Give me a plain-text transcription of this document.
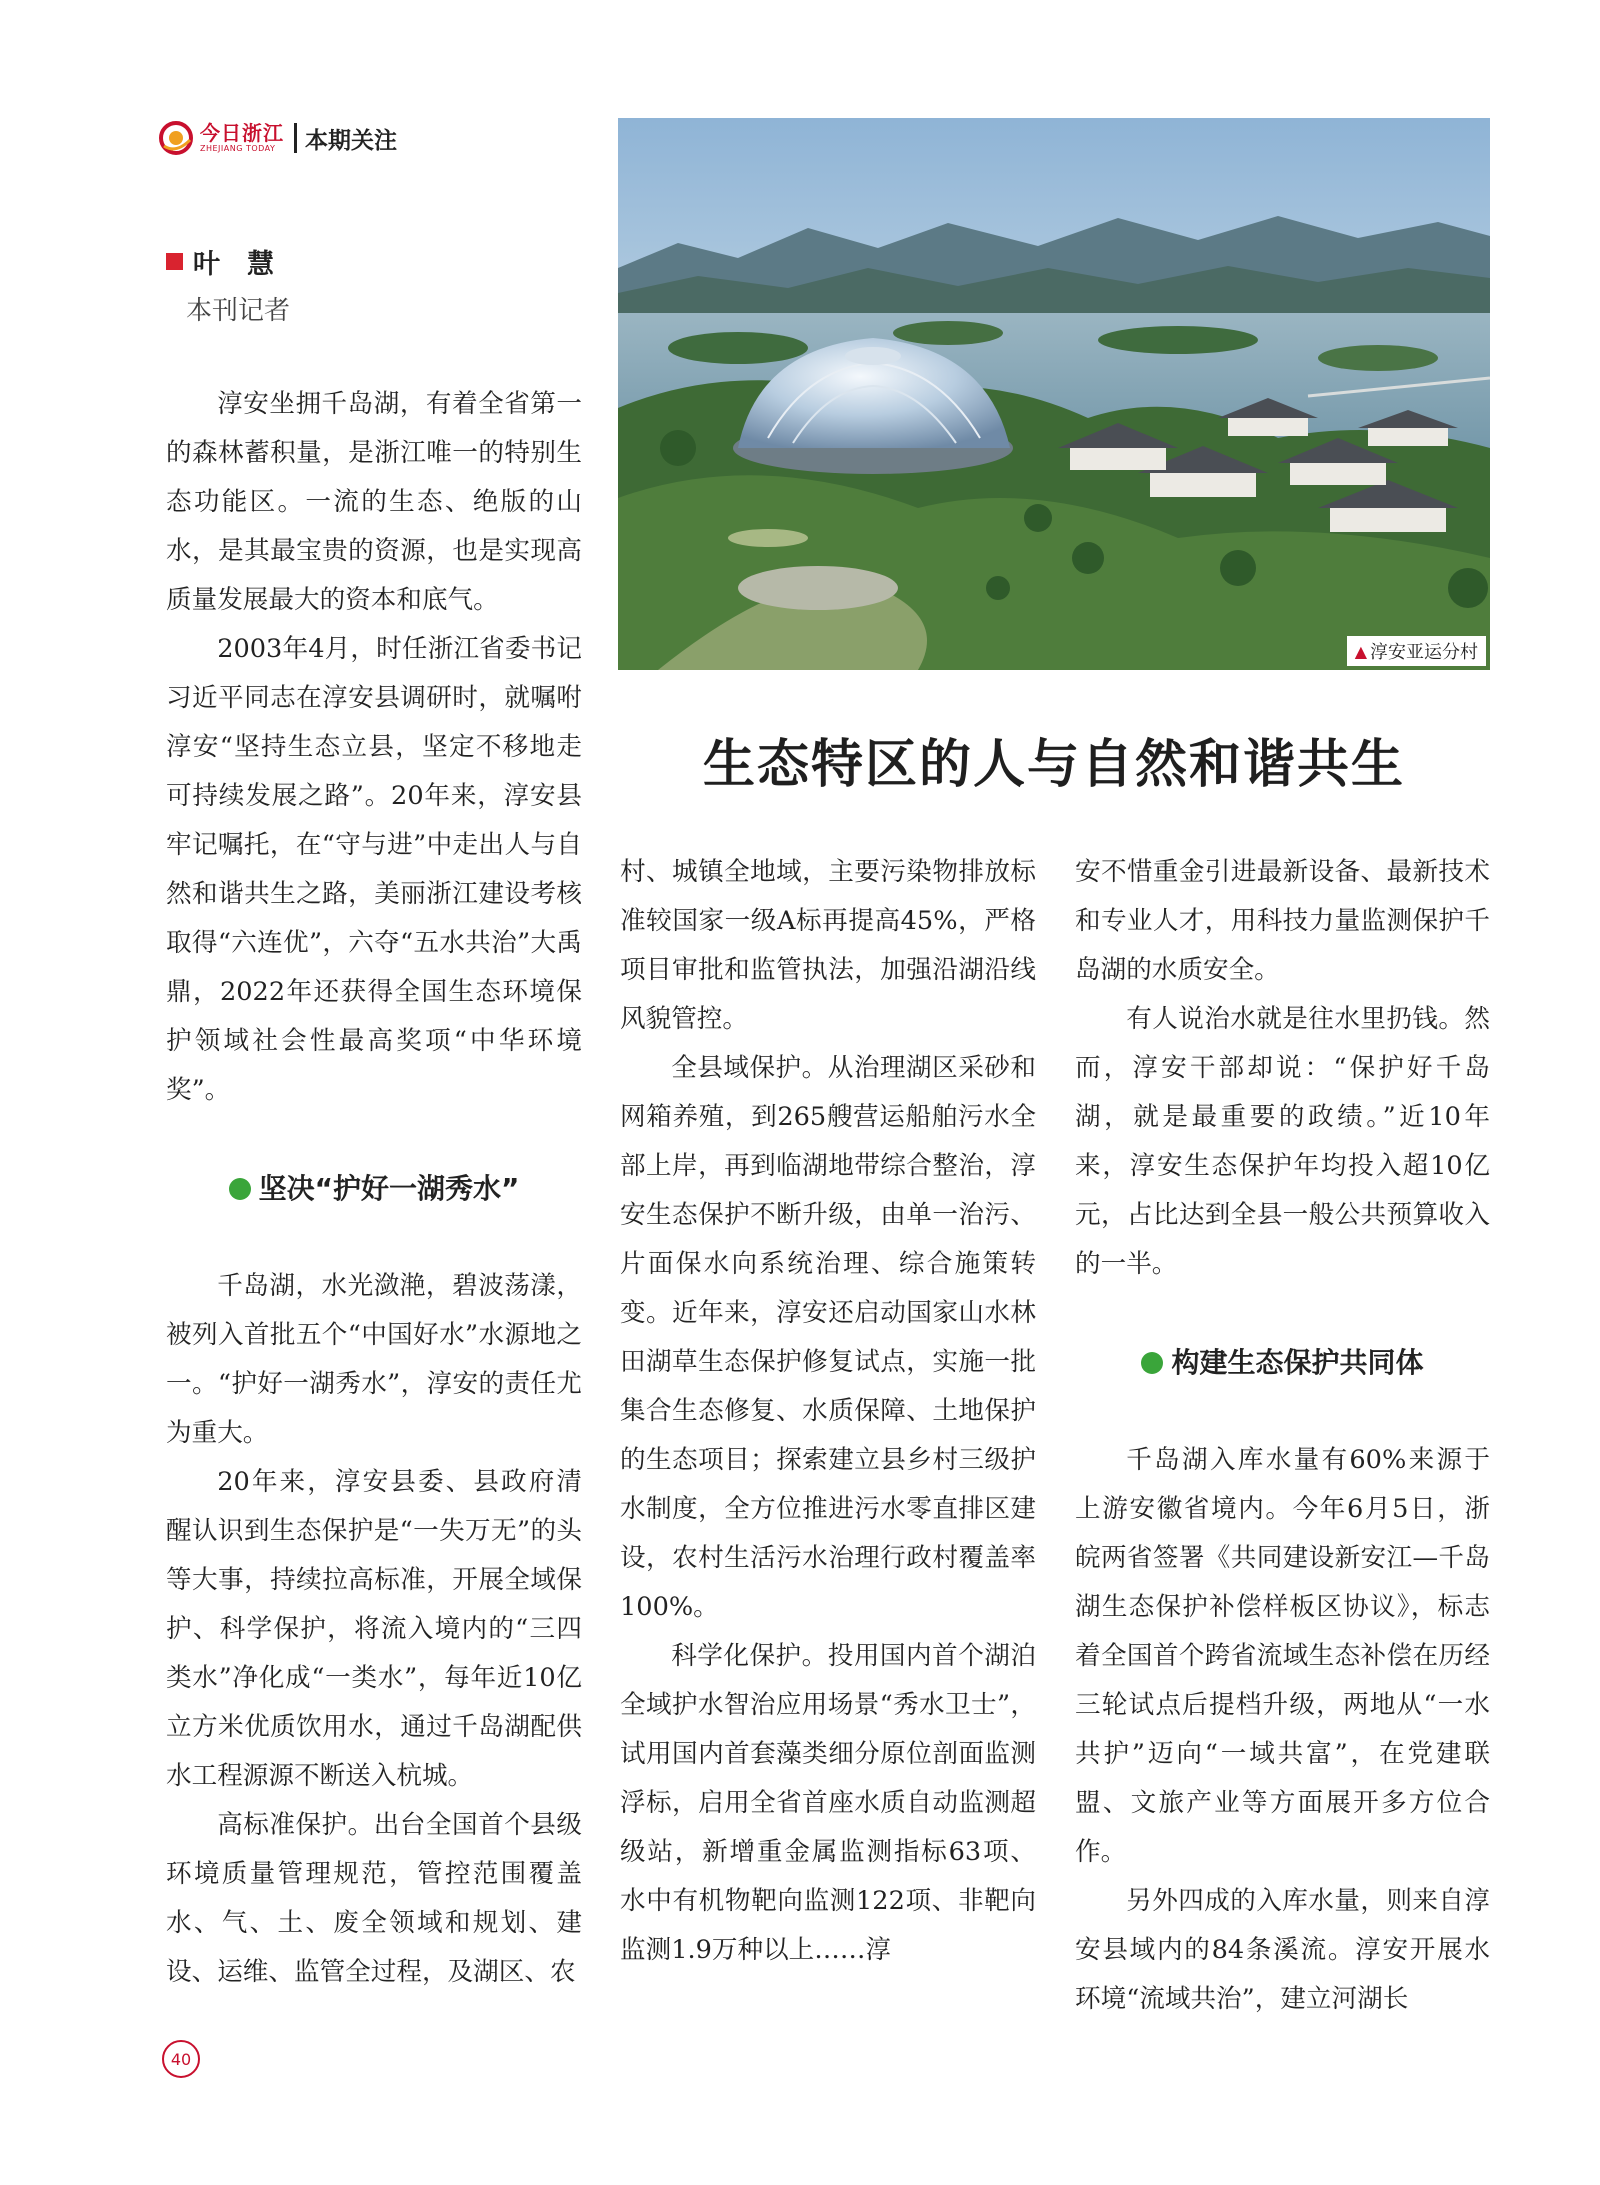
今日浙江
ZHEJIANG TODAY	本期关注
▲ 淳安亚运分村
生态特区的人与自然和谐共生
叶　慧
本刊记者

淳安坐拥千岛湖，有着全省第一的森林蓄积量，是浙江唯一的特别生态功能区。一流的生态、绝版的山水，是其最宝贵的资源，也是实现高质量发展最大的资本和底气。

2003年4月，时任浙江省委书记习近平同志在淳安县调研时，就嘱咐淳安“坚持生态立县，坚定不移地走可持续发展之路”。20年来，淳安县牢记嘱托，在“守与进”中走出人与自然和谐共生之路，美丽浙江建设考核取得“六连优”，六夺“五水共治”大禹鼎，2022年还获得全国生态环境保护领域社会性最高奖项“中华环境奖”。

坚决“护好一湖秀水”

千岛湖，水光潋滟，碧波荡漾，被列入首批五个“中国好水”水源地之一。“护好一湖秀水”，淳安的责任尤为重大。

20年来，淳安县委、县政府清醒认识到生态保护是“一失万无”的头等大事，持续拉高标准，开展全域保护、科学保护，将流入境内的“三四类水”净化成“一类水”，每年近10亿立方米优质饮用水，通过千岛湖配供水工程源源不断送入杭城。

高标准保护。出台全国首个县级环境质量管理规范，管控范围覆盖水、气、土、废全领域和规划、建设、运维、监管全过程，及湖区、农

村、城镇全地域，主要污染物排放标准较国家一级A标再提高45%，严格项目审批和监管执法，加强沿湖沿线风貌管控。

全县域保护。从治理湖区采砂和网箱养殖，到265艘营运船舶污水全部上岸，再到临湖地带综合整治，淳安生态保护不断升级，由单一治污、片面保水向系统治理、综合施策转变。近年来，淳安还启动国家山水林田湖草生态保护修复试点，实施一批集合生态修复、水质保障、土地保护的生态项目；探索建立县乡村三级护水制度，全方位推进污水零直排区建设，农村生活污水治理行政村覆盖率100%。

科学化保护。投用国内首个湖泊全域护水智治应用场景“秀水卫士”，试用国内首套藻类细分原位剖面监测浮标，启用全省首座水质自动监测超级站，新增重金属监测指标63项、水中有机物靶向监测122项、非靶向监测1.9万种以上……淳

安不惜重金引进最新设备、最新技术和专业人才，用科技力量监测保护千岛湖的水质安全。

有人说治水就是往水里扔钱。然而，淳安干部却说：“保护好千岛湖，就是最重要的政绩。”近10年来，淳安生态保护年均投入超10亿元，占比达到全县一般公共预算收入的一半。

构建生态保护共同体

千岛湖入库水量有60%来源于上游安徽省境内。今年6月5日，浙皖两省签署《共同建设新安江—千岛湖生态保护补偿样板区协议》，标志着全国首个跨省流域生态补偿在历经三轮试点后提档升级，两地从“一水共护”迈向“一域共富”，在党建联盟、文旅产业等方面展开多方位合作。

另外四成的入库水量，则来自淳安县域内的84条溪流。淳安开展水环境“流域共治”，建立河湖长

40
